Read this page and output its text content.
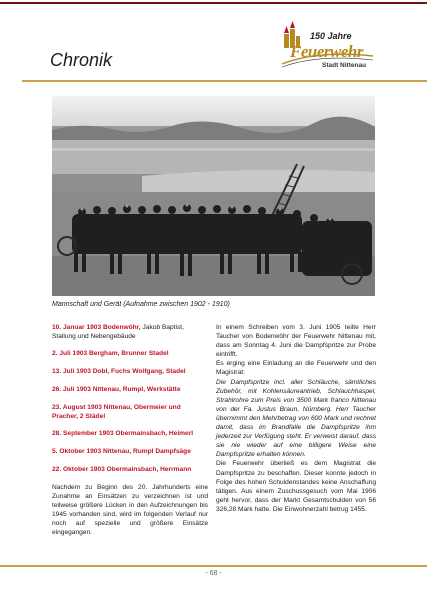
Chronik
150 Jahre
Feuerwehr
Stadt Nittenau
Mannschaft und Gerät (Aufnahme zwischen 1902 - 1910)
10. Januar 1903 Bodenwöhr, Jakob Baptist, Stallung und Nebengebäude
2. Juli 1903 Bergham, Brunner Stadel
13. Juli 1903 Dobl, Fuchs Wolfgang, Stadel
26. Juli 1903 Nittenau, Rumpl, Werkstätte
23. August 1903 Nittenau, Obermeier und Pracher, 2 Städel
28. September 1903 Obermainsbach, Heimerl
5. Oktober 1903 Nittenau, Rumpl Dampfsäge
22. Oktober 1903 Obermainsbach, Herrmann

Nachdem zu Beginn des 20. Jahrhunderts eine Zunahme an Einsätzen zu verzeichnen ist und teilweise größere Lücken in den Aufzeichnungen bis 1945 vorhanden sind, wird im folgenden Verlauf nur noch auf spezielle und größere Einsätze eingegangen.

In einem Schreiben vom 3. Juni 1905 teilte Herr Taucher von Bodenwöhr der Feuerwehr Nittenau mit, dass am Sonntag 4. Juni die Dampfspritze zur Probe eintrifft.

Es erging eine Einladung an die Feuerwehr und den Magistrat:

Die Dampfspritze incl. aller Schläuche, sämtliches Zubehör, mit Kohlensäureantrieb, Schlauchhaspel, Strahlrohre zum Preis von 3500 Mark franco Nittenau von der Fa. Justus Braun, Nürnberg. Herr Taucher übernimmt den Mehrbetrag von 600 Mark und rechnet damit, dass im Brandfalle die Dampfspritze ihm jederzeit zur Verfügung steht. Er verweist darauf, dass sie nie wieder auf eine billigere Weise eine Dampfspritze erhalten können.

Die Feuerwehr überließ es dem Magistrat die Dampfspritze zu beschaffen. Dieser konnte jedoch in Folge des hohen Schuldenstandes keine Anschaffung tätigen. Aus einem Zuschussgesuch vom Mai 1906 geht hervor, dass der Markt Gesamtschulden von 56 326,28 Mark hatte. Die Einwohnerzahl betrug 1455.

- 68 -
